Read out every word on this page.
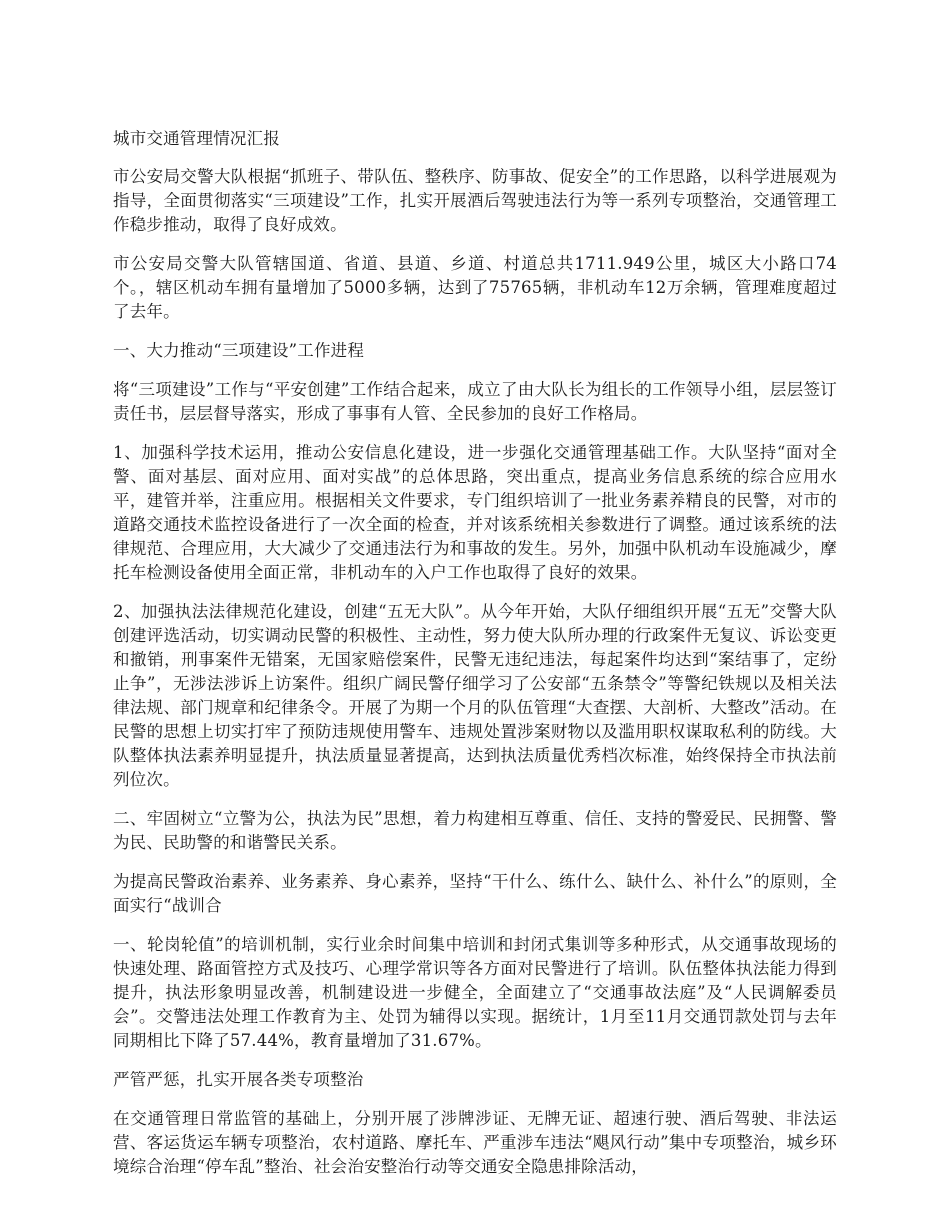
城市交通管理情况汇报

市公安局交警大队根据“抓班子、带队伍、整秩序、防事故、促安全”的工作思路，以科学进展观为指导，全面贯彻落实“三项建设”工作，扎实开展酒后驾驶违法行为等一系列专项整治，交通管理工作稳步推动，取得了良好成效。

市公安局交警大队管辖国道、省道、县道、乡道、村道总共1711.949公里，城区大小路口74个。，辖区机动车拥有量增加了5000多辆，达到了75765辆，非机动车12万余辆，管理难度超过了去年。

一、大力推动“三项建设”工作进程

将“三项建设”工作与“平安创建”工作结合起来，成立了由大队长为组长的工作领导小组，层层签订责任书，层层督导落实，形成了事事有人管、全民参加的良好工作格局。

1、加强科学技术运用，推动公安信息化建设，进一步强化交通管理基础工作。大队坚持“面对全警、面对基层、面对应用、面对实战”的总体思路，突出重点，提高业务信息系统的综合应用水平，建管并举，注重应用。根据相关文件要求，专门组织培训了一批业务素养精良的民警，对市的道路交通技术监控设备进行了一次全面的检查，并对该系统相关参数进行了调整。通过该系统的法律规范、合理应用，大大减少了交通违法行为和事故的发生。另外，加强中队机动车设施减少，摩托车检测设备使用全面正常，非机动车的入户工作也取得了良好的效果。

2、加强执法法律规范化建设，创建“五无大队”。从今年开始，大队仔细组织开展“五无”交警大队创建评选活动，切实调动民警的积极性、主动性，努力使大队所办理的行政案件无复议、诉讼变更和撤销，刑事案件无错案，无国家赔偿案件，民警无违纪违法，每起案件均达到“案结事了，定纷止争”，无涉法涉诉上访案件。组织广阔民警仔细学习了公安部“五条禁令”等警纪铁规以及相关法律法规、部门规章和纪律条令。开展了为期一个月的队伍管理“大查摆、大剖析、大整改”活动。在民警的思想上切实打牢了预防违规使用警车、违规处置涉案财物以及滥用职权谋取私利的防线。大队整体执法素养明显提升，执法质量显著提高，达到执法质量优秀档次标准，始终保持全市执法前列位次。

二、牢固树立“立警为公，执法为民”思想，着力构建相互尊重、信任、支持的警爱民、民拥警、警为民、民助警的和谐警民关系。

为提高民警政治素养、业务素养、身心素养，坚持“干什么、练什么、缺什么、补什么”的原则，全面实行“战训合

一、轮岗轮值”的培训机制，实行业余时间集中培训和封闭式集训等多种形式，从交通事故现场的快速处理、路面管控方式及技巧、心理学常识等各方面对民警进行了培训。队伍整体执法能力得到提升，执法形象明显改善，机制建设进一步健全，全面建立了“交通事故法庭”及“人民调解委员会”。交警违法处理工作教育为主、处罚为辅得以实现。据统计，1月至11月交通罚款处罚与去年同期相比下降了57.44%，教育量增加了31.67%。

严管严惩，扎实开展各类专项整治

在交通管理日常监管的基础上，分别开展了涉牌涉证、无牌无证、超速行驶、酒后驾驶、非法运营、客运货运车辆专项整治，农村道路、摩托车、严重涉车违法“飓风行动”集中专项整治，城乡环境综合治理“停车乱”整治、社会治安整治行动等交通安全隐患排除活动，
